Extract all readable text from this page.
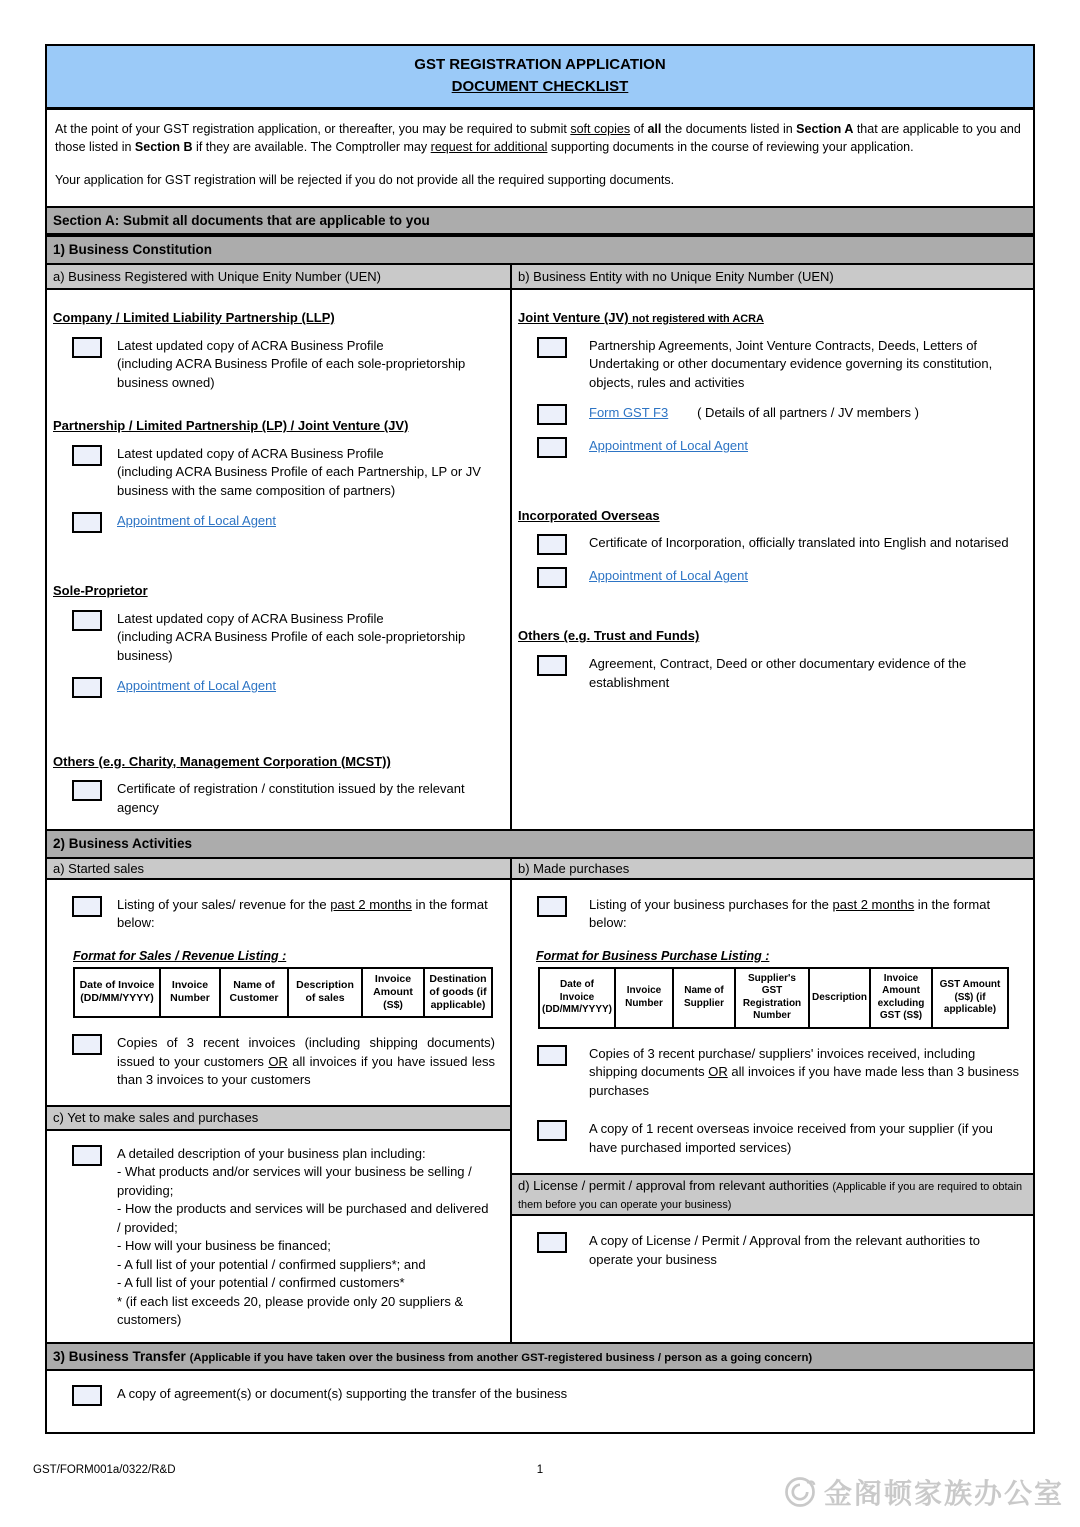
GST REGISTRATION APPLICATION
DOCUMENT CHECKLIST

At the point of your GST registration application, or thereafter, you may be required to submit soft copies of all the documents listed in Section A that are applicable to you and those listed in Section B if they are available. The Comptroller may request for additional supporting documents in the course of reviewing your application.

Your application for GST registration will be rejected if you do not provide all the required supporting documents.

Section A: Submit all documents that are applicable to you
1) Business Constitution
a) Business Registered with Unique Enity Number (UEN)	b) Business Entity with no Unique Enity Number (UEN)
Company / Limited Liability Partnership (LLP)
Latest updated copy of ACRA Business Profile
(including ACRA Business Profile of each sole-proprietorship business owned)
Partnership / Limited Partnership (LP) / Joint Venture (JV)
Latest updated copy of ACRA Business Profile
(including ACRA Business Profile of each Partnership, LP or JV business with the same composition of partners)
Appointment of Local Agent
Sole-Proprietor
Latest updated copy of ACRA Business Profile
(including ACRA Business Profile of each sole-proprietorship business)
Appointment of Local Agent
Others (e.g. Charity, Management Corporation (MCST))
Certificate of registration / constitution issued by the relevant agency
Joint Venture (JV) not registered with ACRA
Partnership Agreements, Joint Venture Contracts, Deeds, Letters of Undertaking or other documentary evidence governing its constitution, objects, rules and activities
Form GST F3        ( Details of all partners / JV members )
Appointment of Local Agent
Incorporated Overseas
Certificate of Incorporation, officially translated into English and notarised
Appointment of Local Agent
Others (e.g. Trust and Funds)
Agreement, Contract, Deed or other documentary evidence of the establishment
2) Business Activities
a) Started sales	b) Made purchases
Listing of your sales/ revenue for the past 2 months in the format below:
Format for Sales / Revenue Listing :
Date of Invoice (DD/MM/YYYY)	Invoice Number	Name of Customer	Description of sales	Invoice Amount (S$)	Destination of goods (if applicable)
Copies of 3 recent invoices (including shipping documents) issued to your customers OR all invoices if you have issued less than 3 invoices to your customers
c) Yet to make sales and purchases
A detailed description of your business plan including:
- What products and/or services will your business be selling / providing;
- How the products and services will be purchased and delivered / provided;
- How will your business be financed;
- A full list of your potential / confirmed suppliers*; and
- A full list of your potential / confirmed customers*
* (if each list exceeds 20, please provide only 20 suppliers & customers)
Listing of your business purchases for the past 2 months in the format below:
Format for Business Purchase Listing :
Date of Invoice (DD/MM/YYYY)	Invoice Number	Name of Supplier	Supplier's GST Registration Number	Description	Invoice Amount excluding GST (S$)	GST Amount (S$) (if applicable)
Copies of 3 recent purchase/ suppliers' invoices received, including shipping documents OR all invoices if you have made less than 3 business purchases
A copy of 1 recent overseas invoice received from your supplier (if you have purchased imported services)
d) License / permit / approval from relevant authorities (Applicable if you are required to obtain them before you can operate your business)
A copy of License / Permit / Approval from the relevant authorities to operate your business
3) Business Transfer (Applicable if you have taken over the business from another GST-registered business / person as a going concern)
A copy of agreement(s) or document(s) supporting the transfer of the business
GST/FORM001a/0322/R&D	1
金阁顿家族办公室
